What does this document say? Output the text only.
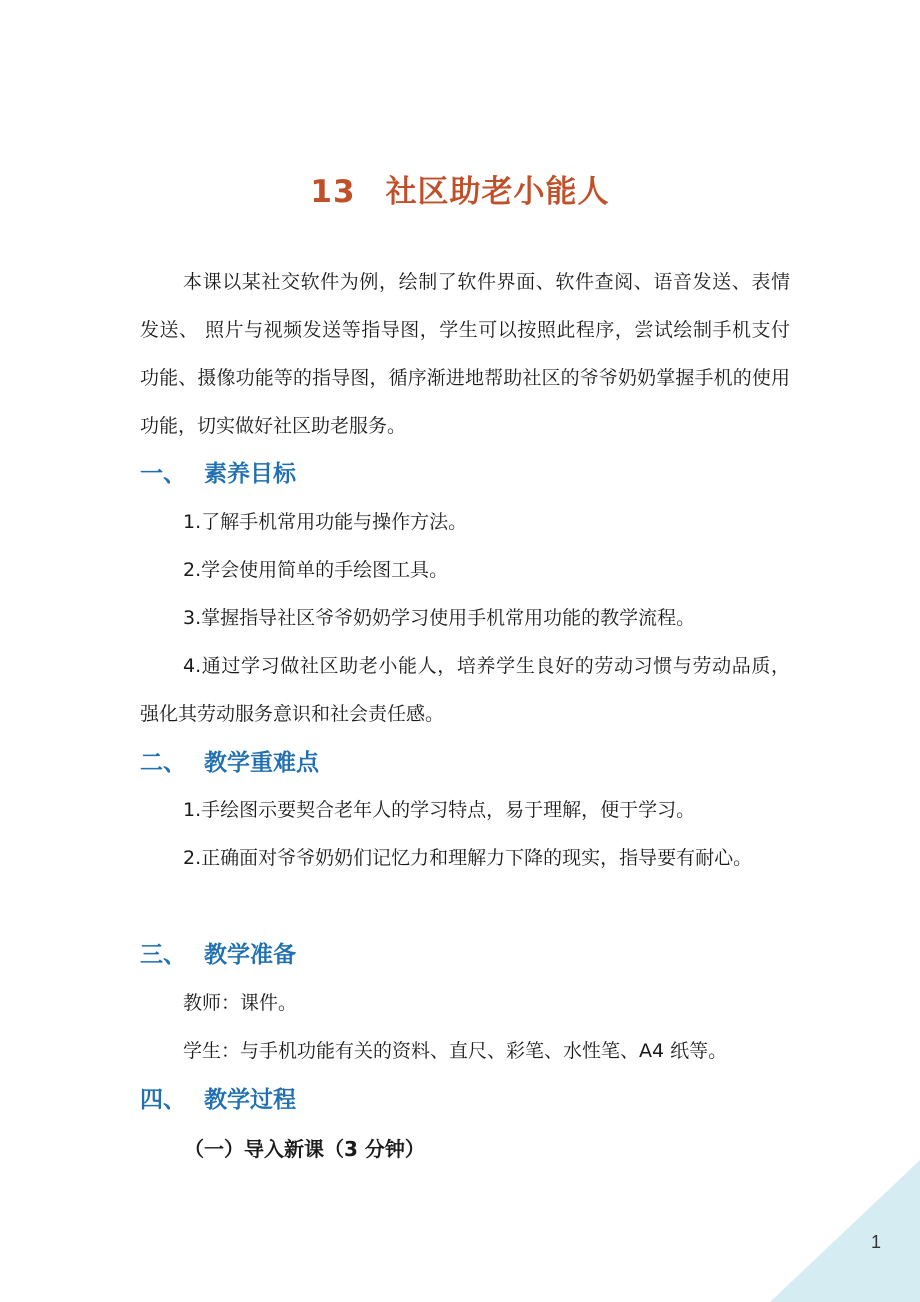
13 社区助老小能人

本课以某社交软件为例，绘制了软件界面、软件查阅、语音发送、表情发送、 照片与视频发送等指导图，学生可以按照此程序，尝试绘制手机支付功能、摄像功能等的指导图，循序渐进地帮助社区的爷爷奶奶掌握手机的使用功能，切实做好社区助老服务。

一、 素养目标

1.了解手机常用功能与操作方法。

2.学会使用简单的手绘图工具。

3.掌握指导社区爷爷奶奶学习使用手机常用功能的教学流程。

4.通过学习做社区助老小能人，培养学生良好的劳动习惯与劳动品质，强化其劳动服务意识和社会责任感。

二、 教学重难点

1.手绘图示要契合老年人的学习特点，易于理解，便于学习。

2.正确面对爷爷奶奶们记忆力和理解力下降的现实，指导要有耐心。

三、 教学准备

教师：课件。

学生：与手机功能有关的资料、直尺、彩笔、水性笔、A4 纸等。

四、 教学过程
（一）导入新课（3 分钟）
1
